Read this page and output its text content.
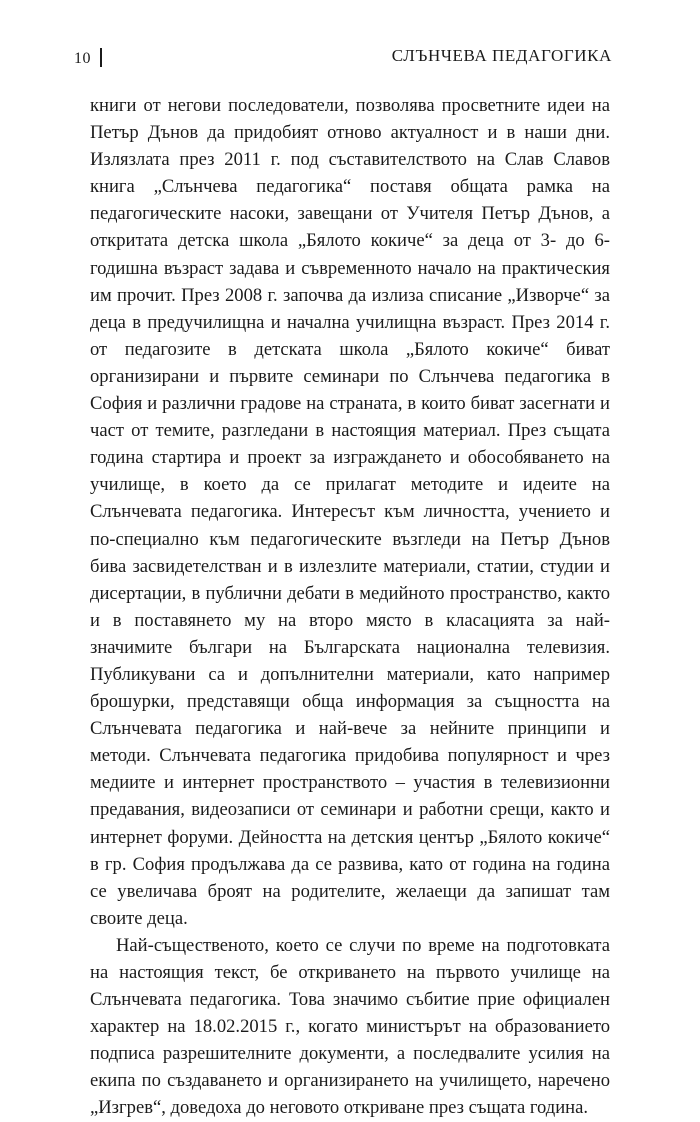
10	СЛЪНЧЕВА ПЕДАГОГИКА

книги от негови последователи, позволява просветните идеи на Петър Дънов да придобият отново актуалност и в наши дни. Излязлата през 2011 г. под съставителството на Слав Славов книга „Слънчева педагогика“ поставя общата рамка на педагогическите насоки, завещани от Учителя Петър Дънов, а откритата детска школа „Бялото кокиче“ за деца от 3- до 6-годишна възраст задава и съвременното начало на практическия им прочит. През 2008 г. започва да излиза списание „Изворче“ за деца в предучилищна и начална училищна възраст. През 2014 г. от педагозите в детската школа „Бялото кокиче“ биват организирани и първите семинари по Слънчева педагогика в София и различни градове на страната, в които биват засегнати и част от темите, разгледани в настоящия материал. През същата година стартира и проект за изграждането и обособяването на училище, в което да се прилагат методите и идеите на Слънчевата педагогика. Интересът към личността, учението и по-специално към педагогическите възгледи на Петър Дънов бива засвидетелстван и в излезлите материали, статии, студии и дисертации, в публични дебати в медийното пространство, както и в поставянето му на второ място в класацията за най-значимите българи на Българската национална телевизия. Публикувани са и допълнителни материали, като например брошурки, представящи обща информация за същността на Слънчевата педагогика и най-вече за нейните принципи и методи. Слънчевата педагогика придобива популярност и чрез медиите и интернет пространството – участия в телевизионни предавания, видеозаписи от семинари и работни срещи, както и интернет форуми. Дейността на детския център „Бялото кокиче“ в гр. София продължава да се развива, като от година на година се увеличава броят на родителите, желаещи да запишат там своите деца.

Най-същественото, което се случи по време на подготовката на настоящия текст, бе откриването на първото училище на Слънчевата педагогика. Това значимо събитие прие официален характер на 18.02.2015 г., когато министърът на образованието подписа разрешителните документи, а последвалите усилия на екипа по създаването и организирането на училището, наречено „Изгрев“, доведоха до неговото откриване през същата година.
